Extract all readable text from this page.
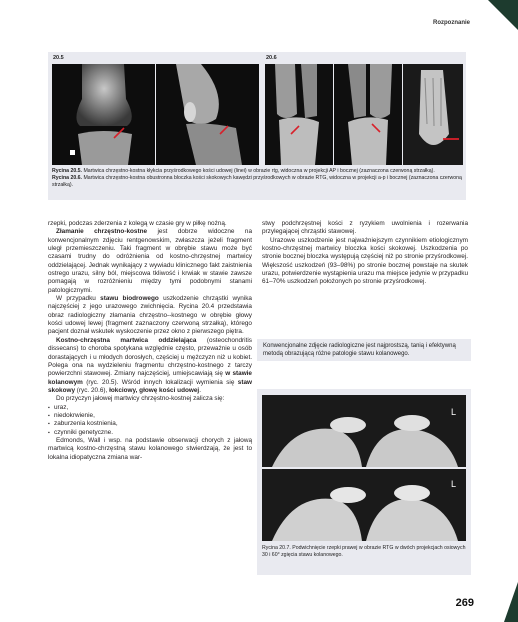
Rozpoznanie
20.5	20.6
Rycina 20.5. Martwica chrzęstno-kostna kłykcia przyśrodkowego kości udowej (linei) w obrazie rtg, widoczna w projekcji AP i bocznej (zaznaczona czerwoną strzałką).
Rycina 20.6. Martwica chrzęstno-kostna obustronna bloczka kości skokowych kawędzi przyśrodkowych w obrazie RTG, widoczna w projekcji a-p i bocznej (zaznaczona czerwoną strzałką).

rzepki, podczas zderzenia z kolegą w czasie gry w piłkę nożną.

Złamanie chrzęstno-kostne jest dobrze widoczne na konwencjonalnym zdjęciu rentgenowskim, zwłaszcza jeżeli fragment uległ przemieszczeniu. Taki fragment w obrębie stawu może być czasami trudny do odróżnienia od kostno-chrzęstnej martwicy oddzielającej. Jednak wynikający z wywiadu klinicznego fakt zaistnienia ostrego urazu, silny ból, miejscowa tkliwość i krwiak w stawie zawsze pomagają w rozróżnieniu między tymi podobnymi stanami patologicznymi.

W przypadku stawu biodrowego uszkodzenie chrząstki wynika najczęściej z jego urazowego zwichnięcia. Rycina 20.4 przedstawia obraz radiologiczny złamania chrzęstno--kostnego w obrębie głowy kości udowej lewej (fragment zaznaczony czerwoną strzałką), którego pacjent doznał wskutek wyskoczenie przez okno z pierwszego piętra.

Kostno-chrzęstna martwica oddzielająca (osteochondritis dissecans) to choroba spotykana względnie często, przeważnie u osób dorastających i u młodych dorosłych, częściej u mężczyzn niż u kobiet. Polega ona na wydzieleniu fragmentu chrzęstno-kostnego z tarczy powierzchni stawowej. Zmiany najczęściej, umiejscawiają się w stawie kolanowym (ryc. 20.5). Wśród innych lokalizacji wymienia się staw skokowy (ryc. 20.6), łokciowy, głowę kości udowej.

Do przyczyn jałowej martwicy chrzęstno-kostnej zalicza się:

▪ uraz,
▪ niedokrwienie,
▪ zaburzenia kostnienia,
▪ czynniki genetyczne.

Edmonds, Wall i wsp. na podstawie obserwacji chorych z jałową martwicą kostno-chrzęstną stawu kolanowego stwierdzają, że jest to lokalna idiopatyczna zmiana war-

stwy podchrzęstnej kości z ryzykiem uwolnienia i rozerwania przylegającej chrząstki stawowej.

Urazowe uszkodzenie jest najważniejszym czynnikiem etiologicznym kostno-chrzęstnej martwicy bloczka kości skokowej. Uszkodzenia po stronie bocznej bloczka występują częściej niż po stronie przyśrodkowej. Większość uszkodzeń (93–98%) po stronie bocznej powstaje na skutek urazu, potwierdzenie wystąpienia urazu ma miejsce jedynie w przypadku 61–70% uszkodzeń położonych po stronie przyśrodkowej.

Konwencjonalne zdjęcie radiologiczne jest najprostszą, tanią i efektywną metodą obrazującą różne patologie stawu kolanowego.
L
L
Rycina 20.7. Podwichnięcie rzepki prawej w obrazie RTG w dwóch projekcjach osiowych 30 i 60° zgięcia stawu kolanowego.
269
